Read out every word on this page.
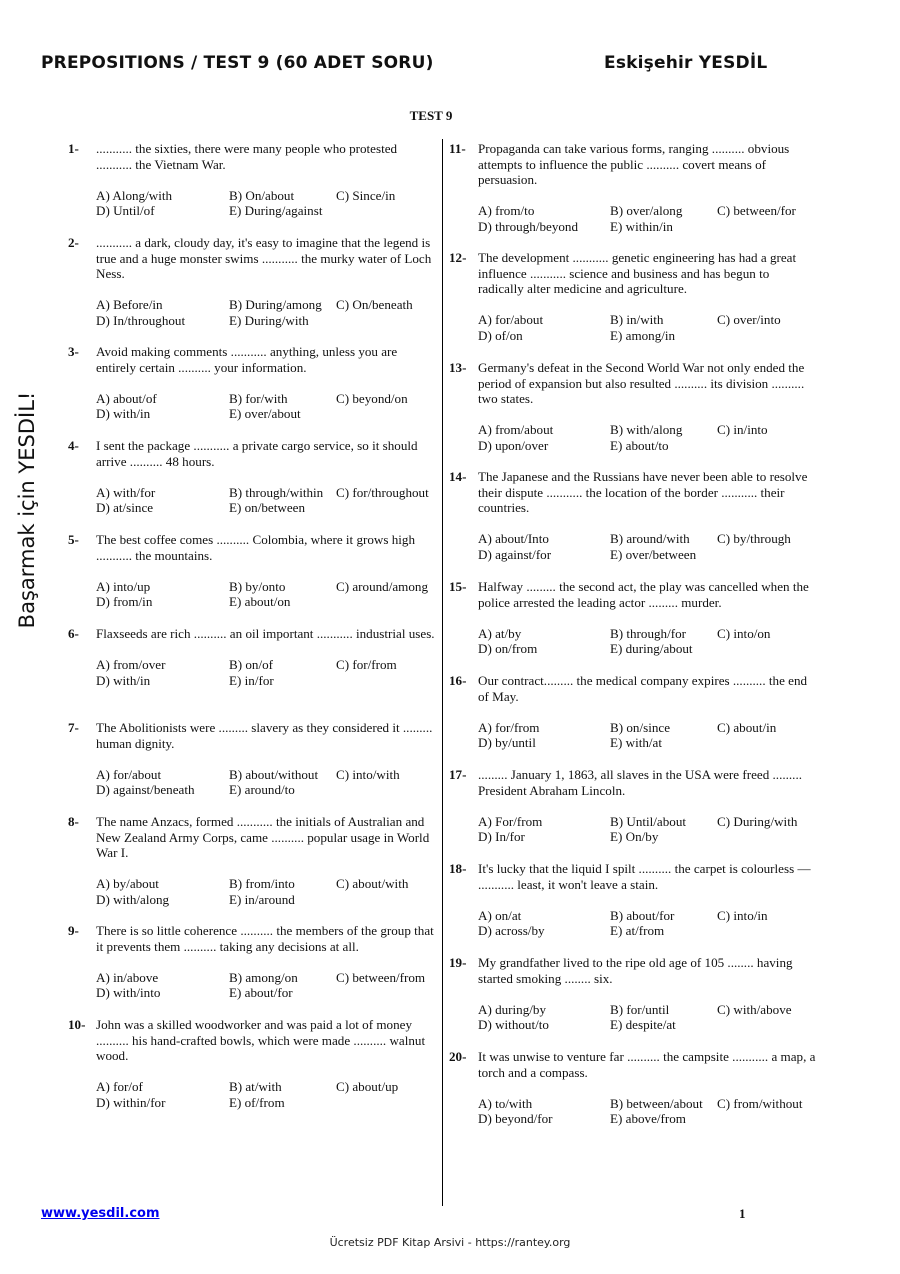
PREPOSITIONS / TEST 9 (60 ADET SORU)	Eskişehir YESDİL
TEST 9
Başarmak için YESDİL!
1- ........... the sixties, there were many people who protested ........... the Vietnam War.
A) Along/with	B) On/about	C) Since/in
D) Until/of	E) During/against
2- ........... a dark, cloudy day, it's easy to imagine that the legend is true and a huge monster swims ........... the murky water of Loch Ness.
A) Before/in	B) During/among C) On/beneath
D) In/throughout	E) During/with
3- Avoid making comments ........... anything, unless you are entirely certain .......... your information.
A) about/of	B) for/with	C) beyond/on
D) with/in	E) over/about
4- I sent the package ........... a private cargo service, so it should arrive .......... 48 hours.
A) with/for	B) through/within C) for/throughout
D) at/since	E) on/between
5- The best coffee comes .......... Colombia, where it grows high ........... the mountains.
A) into/up	B) by/onto	C) around/among
D) from/in	E) about/on
6- Flaxseeds are rich .......... an oil important ........... industrial uses.
A) from/over	B) on/of	C) for/from
D) with/in	E) in/for
7- The Abolitionists were ......... slavery as they considered it ......... human dignity.
A) for/about	B) about/without C) into/with
D) against/beneath	E) around/to
8- The name Anzacs, formed ........... the initials of Australian and New Zealand Army Corps, came .......... popular usage in World War I.
A) by/about	B) from/into	C) about/with
D) with/along	E) in/around
9- There is so little coherence .......... the members of the group that it prevents them .......... taking any decisions at all.
A) in/above	B) among/on	C) between/from
D) with/into	E) about/for
10- John was a skilled woodworker and was paid a lot of money .......... his hand-crafted bowls, which were made .......... walnut wood.
A) for/of	B) at/with	C) about/up
D) within/for	E) of/from
11- Propaganda can take various forms, ranging .......... obvious attempts to influence the public .......... covert means of persuasion.
A) from/to	B) over/along	C) between/for
D) through/beyond E) within/in
12- The development ........... genetic engineering has had a great influence ........... science and business and has begun to radically alter medicine and agriculture.
A) for/about	B) in/with	C) over/into
D) of/on	E) among/in
13- Germany's defeat in the Second World War not only ended the period of expansion but also resulted .......... its division .......... two states.
A) from/about	B) with/along	C) in/into
D) upon/over	E) about/to
14- The Japanese and the Russians have never been able to resolve their dispute ........... the location of the border ........... their countries.
A) about/Into	B) around/with C) by/through
D) against/for	E) over/between
15- Halfway ......... the second act, the play was cancelled when the police arrested the leading actor ......... murder.
A) at/by	B) through/for C) into/on
D) on/from	E) during/about
16- Our contract......... the medical company expires .......... the end of May.
A) for/from	B) on/since	C) about/in
D) by/until	E) with/at
17- ......... January 1, 1863, all slaves in the USA were freed ......... President Abraham Lincoln.
A) For/from	B) Until/about C) During/with
D) In/for	E) On/by
18- It's lucky that the liquid I spilt .......... the carpet is colourless — ........... least, it won't leave a stain.
A) on/at	B) about/for	C) into/in
D) across/by	E) at/from
19- My grandfather lived to the ripe old age of 105 ........ having started smoking ........ six.
A) during/by	B) for/until	C) with/above
D) without/to	E) despite/at
20- It was unwise to venture far .......... the campsite ........... a map, a torch and a compass.
A) to/with	B) between/about C) from/without
D) beyond/for	E) above/from
www.yesdil.com	1
Ücretsiz PDF Kitap Arsivi - https://rantey.org
